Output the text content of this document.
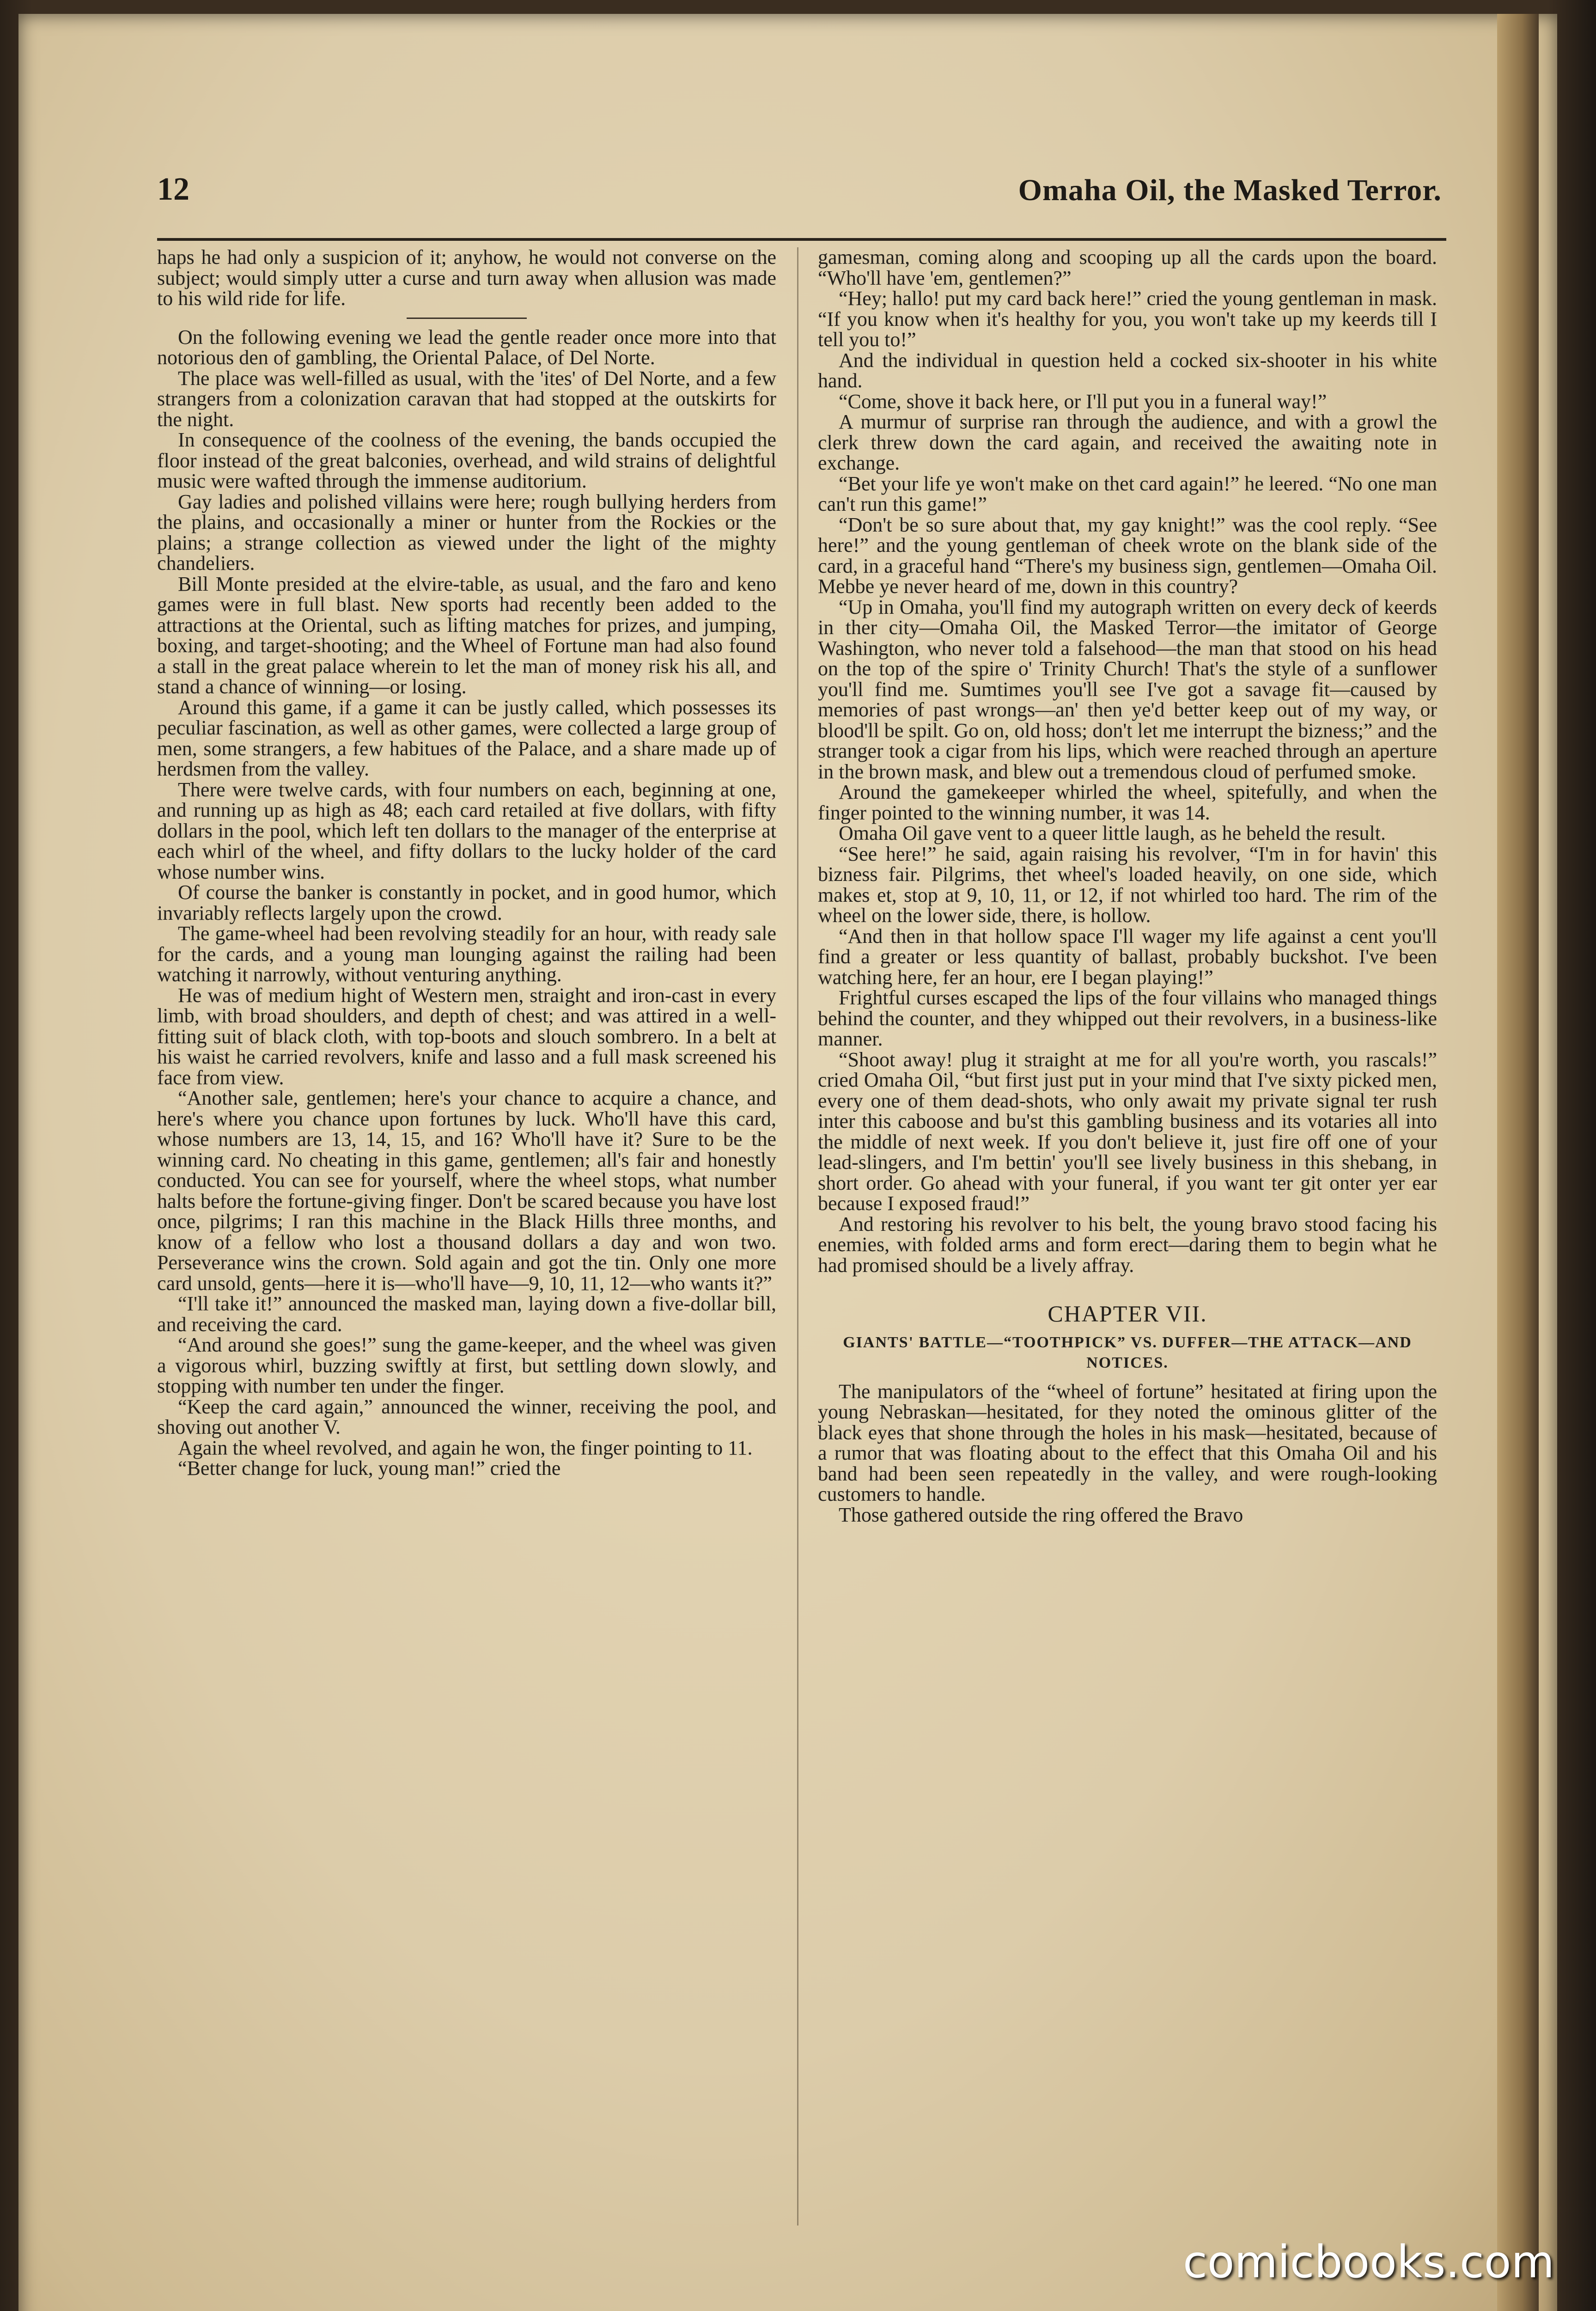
12	Omaha Oil, the Masked Terror.

haps he had only a suspicion of it; anyhow, he would not converse on the subject; would simply utter a curse and turn away when allusion was made to his wild ride for life.

On the following evening we lead the gentle reader once more into that notorious den of gambling, the Oriental Palace, of Del Norte.

The place was well-filled as usual, with the 'ites' of Del Norte, and a few strangers from a colonization caravan that had stopped at the outskirts for the night.

In consequence of the coolness of the evening, the bands occupied the floor instead of the great balconies, overhead, and wild strains of delightful music were wafted through the immense auditorium.

Gay ladies and polished villains were here; rough bullying herders from the plains, and occasionally a miner or hunter from the Rockies or the plains; a strange collection as viewed under the light of the mighty chandeliers.

Bill Monte presided at the elvire-table, as usual, and the faro and keno games were in full blast. New sports had recently been added to the attractions at the Oriental, such as lifting matches for prizes, and jumping, boxing, and target-shooting; and the Wheel of Fortune man had also found a stall in the great palace wherein to let the man of money risk his all, and stand a chance of winning—or losing.

Around this game, if a game it can be justly called, which possesses its peculiar fascination, as well as other games, were collected a large group of men, some strangers, a few habitues of the Palace, and a share made up of herdsmen from the valley.

There were twelve cards, with four numbers on each, beginning at one, and running up as high as 48; each card retailed at five dollars, with fifty dollars in the pool, which left ten dollars to the manager of the enterprise at each whirl of the wheel, and fifty dollars to the lucky holder of the card whose number wins.

Of course the banker is constantly in pocket, and in good humor, which invariably reflects largely upon the crowd.

The game-wheel had been revolving steadily for an hour, with ready sale for the cards, and a young man lounging against the railing had been watching it narrowly, without venturing anything.

He was of medium hight of Western men, straight and iron-cast in every limb, with broad shoulders, and depth of chest; and was attired in a well-fitting suit of black cloth, with top-boots and slouch sombrero. In a belt at his waist he carried revolvers, knife and lasso and a full mask screened his face from view.

“Another sale, gentlemen; here's your chance to acquire a chance, and here's where you chance upon fortunes by luck. Who'll have this card, whose numbers are 13, 14, 15, and 16? Who'll have it? Sure to be the winning card. No cheating in this game, gentlemen; all's fair and honestly conducted. You can see for yourself, where the wheel stops, what number halts before the fortune-giving finger. Don't be scared because you have lost once, pilgrims; I ran this machine in the Black Hills three months, and know of a fellow who lost a thousand dollars a day and won two. Perseverance wins the crown. Sold again and got the tin. Only one more card unsold, gents—here it is—who'll have—9, 10, 11, 12—who wants it?”

“I'll take it!” announced the masked man, laying down a five-dollar bill, and receiving the card.

“And around she goes!” sung the game-keeper, and the wheel was given a vigorous whirl, buzzing swiftly at first, but settling down slowly, and stopping with number ten under the finger.

“Keep the card again,” announced the winner, receiving the pool, and shoving out another V.

Again the wheel revolved, and again he won, the finger pointing to 11.

“Better change for luck, young man!” cried the

gamesman, coming along and scooping up all the cards upon the board. “Who'll have 'em, gentlemen?”

“Hey; hallo! put my card back here!” cried the young gentleman in mask. “If you know when it's healthy for you, you won't take up my keerds till I tell you to!”

And the individual in question held a cocked six-shooter in his white hand.

“Come, shove it back here, or I'll put you in a funeral way!”

A murmur of surprise ran through the audience, and with a growl the clerk threw down the card again, and received the awaiting note in exchange.

“Bet your life ye won't make on thet card again!” he leered. “No one man can't run this game!”

“Don't be so sure about that, my gay knight!” was the cool reply. “See here!” and the young gentleman of cheek wrote on the blank side of the card, in a graceful hand “There's my business sign, gentlemen—Omaha Oil. Mebbe ye never heard of me, down in this country?

“Up in Omaha, you'll find my autograph written on every deck of keerds in ther city—Omaha Oil, the Masked Terror—the imitator of George Washington, who never told a falsehood—the man that stood on his head on the top of the spire o' Trinity Church! That's the style of a sunflower you'll find me. Sumtimes you'll see I've got a savage fit—caused by memories of past wrongs—an' then ye'd better keep out of my way, or blood'll be spilt. Go on, old hoss; don't let me interrupt the bizness;” and the stranger took a cigar from his lips, which were reached through an aperture in the brown mask, and blew out a tremendous cloud of perfumed smoke.

Around the gamekeeper whirled the wheel, spitefully, and when the finger pointed to the winning number, it was 14.

Omaha Oil gave vent to a queer little laugh, as he beheld the result.

“See here!” he said, again raising his revolver, “I'm in for havin' this bizness fair. Pilgrims, thet wheel's loaded heavily, on one side, which makes et, stop at 9, 10, 11, or 12, if not whirled too hard. The rim of the wheel on the lower side, there, is hollow.

“And then in that hollow space I'll wager my life against a cent you'll find a greater or less quantity of ballast, probably buckshot. I've been watching here, fer an hour, ere I began playing!”

Frightful curses escaped the lips of the four villains who managed things behind the counter, and they whipped out their revolvers, in a business-like manner.

“Shoot away! plug it straight at me for all you're worth, you rascals!” cried Omaha Oil, “but first just put in your mind that I've sixty picked men, every one of them dead-shots, who only await my private signal ter rush inter this caboose and bu'st this gambling business and its votaries all into the middle of next week. If you don't believe it, just fire off one of your lead-slingers, and I'm bettin' you'll see lively business in this shebang, in short order. Go ahead with your funeral, if you want ter git onter yer ear because I exposed fraud!”

And restoring his revolver to his belt, the young bravo stood facing his enemies, with folded arms and form erect—daring them to begin what he had promised should be a lively affray.

CHAPTER VII.
GIANTS' BATTLE—“TOOTHPICK” VS. DUFFER—THE ATTACK—AND NOTICES.

The manipulators of the “wheel of fortune” hesitated at firing upon the young Nebraskan—hesitated, for they noted the ominous glitter of the black eyes that shone through the holes in his mask—hesitated, because of a rumor that was floating about to the effect that this Omaha Oil and his band had been seen repeatedly in the valley, and were rough-looking customers to handle.

Those gathered outside the ring offered the Bravo

comicbooks.com
